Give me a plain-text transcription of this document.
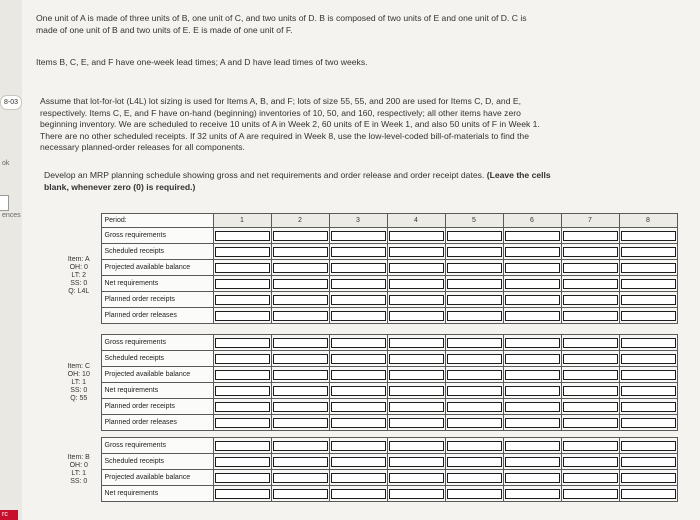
8-03
ok
ences
rc

One unit of A is made of three units of B, one unit of C, and two units of D. B is composed of two units of E and one unit of D. C is
made of one unit of B and two units of E. E is made of one unit of F.

Items B, C, E, and F have one-week lead times; A and D have lead times of two weeks.

Assume that lot-for-lot (L4L) lot sizing is used for Items A, B, and F; lots of size 55, 55, and 200 are used for Items C, D, and E,
respectively. Items C, E, and F have on-hand (beginning) inventories of 10, 50, and 160, respectively; all other items have zero
beginning inventory. We are scheduled to receive 10 units of A in Week 2, 60 units of E in Week 1, and also 50 units of F in Week 1.
There are no other scheduled receipts. If 32 units of A are required in Week 8, use the low-level-coded bill-of-materials to find the
necessary planned-order releases for all components.

Develop an MRP planning schedule showing gross and net requirements and order release and order receipt dates. (Leave the cells
blank, whenever zero (0) is required.)

	Period:	1	2	3	4	5	6	7	8
Item: A
OH: 0
LT: 2
SS: 0
Q: L4L	Gross requirements	

	Scheduled receipts	

	Projected available balance	

	Net requirements	

	Planned order receipts	

	Planned order releases	

Item: C
OH: 10
LT: 1
SS: 0
Q: 55	Gross requirements	

	Scheduled receipts	

	Projected available balance	

	Net requirements	

	Planned order receipts	

	Planned order releases	

Item: B
OH: 0
LT: 1
SS: 0	Gross requirements	

	Scheduled receipts	

	Projected available balance	

	Net requirements	
